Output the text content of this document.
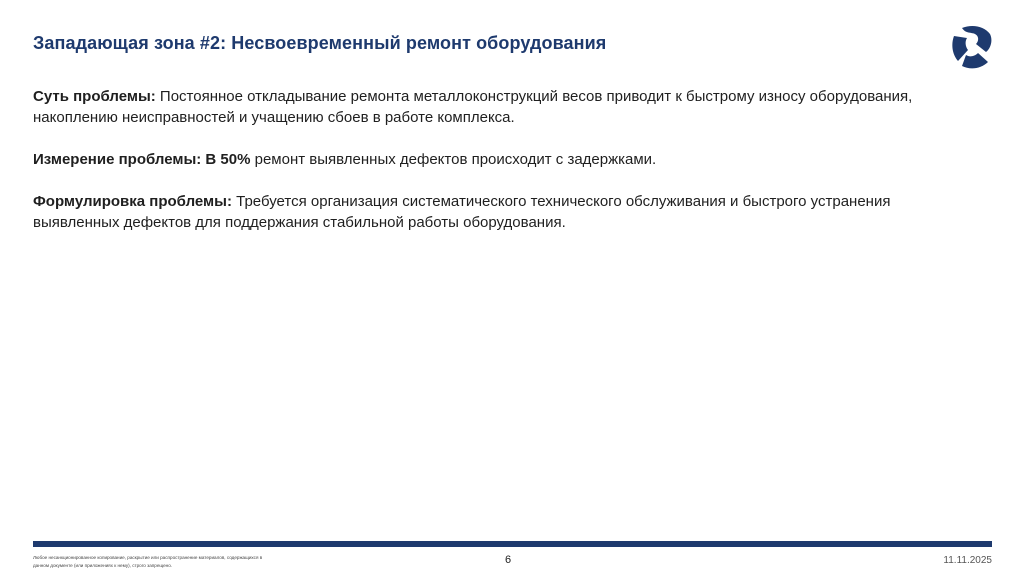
Западающая зона #2: Несвоевременный ремонт оборудования

Суть проблемы: Постоянное откладывание ремонта металлоконструкций весов приводит к быстрому износу оборудования, накоплению неисправностей и учащению сбоев в работе комплекса.

Измерение проблемы: В 50% ремонт выявленных дефектов происходит с задержками.

Формулировка проблемы: Требуется организация систематического технического обслуживания и быстрого устранения выявленных дефектов для поддержания стабильной работы оборудования.

Любое несанкционированное копирование, раскрытие или распространение материалов, содержащихся в данном документе (или приложениях к нему), строго запрещено.	6	11.11.2025
